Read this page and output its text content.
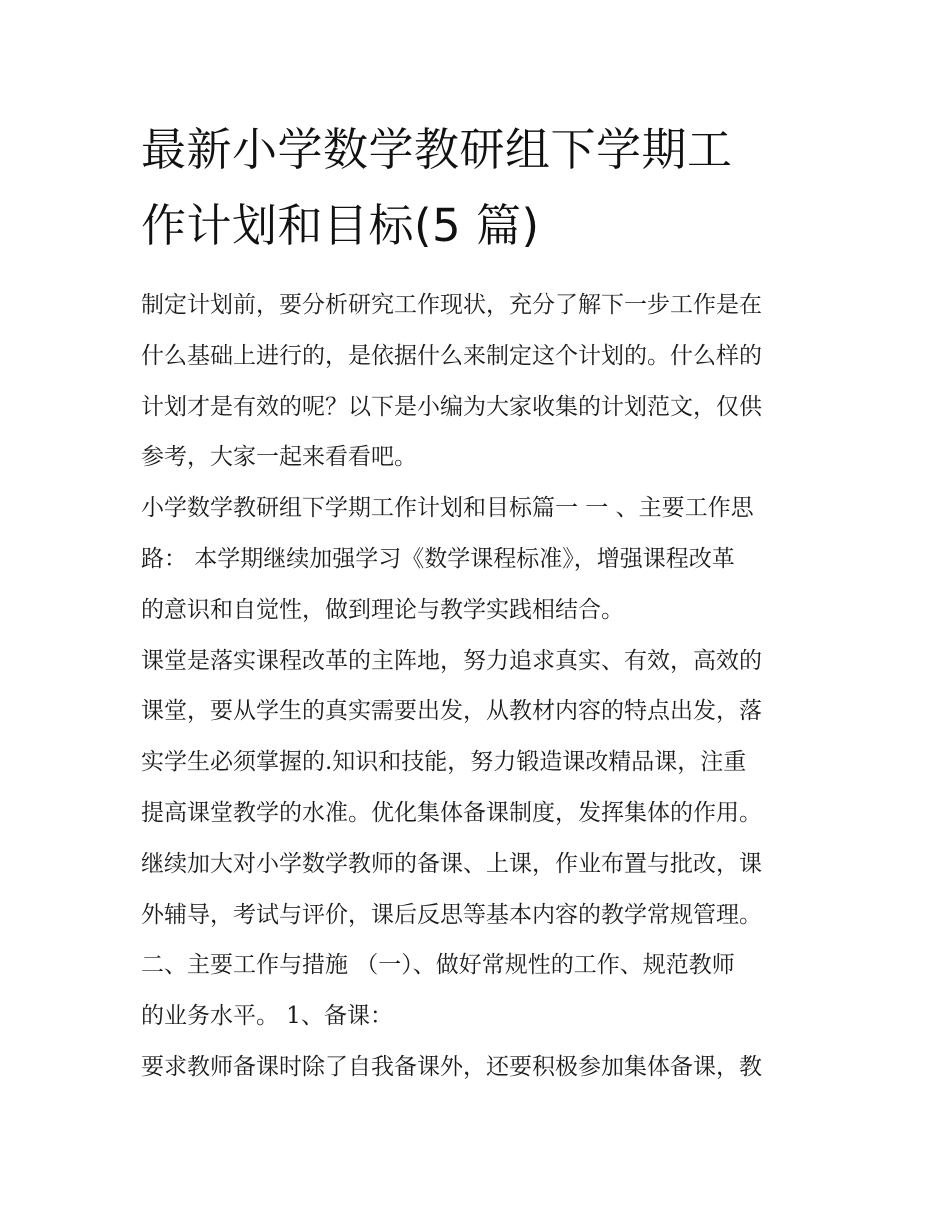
最新小学数学教研组下学期工
作计划和目标(5 篇)
制定计划前，要分析研究工作现状，充分了解下一步工作是在
什么基础上进行的，是依据什么来制定这个计划的。什么样的
计划才是有效的呢？以下是小编为大家收集的计划范文，仅供
参考，大家一起来看看吧。
小学数学教研组下学期工作计划和目标篇一 一 、主要工作思
路： 本学期继续加强学习《数学课程标准》，增强课程改革
的意识和自觉性，做到理论与教学实践相结合。
课堂是落实课程改革的主阵地，努力追求真实、有效，高效的
课堂，要从学生的真实需要出发，从教材内容的特点出发，落
实学生必须掌握的.知识和技能，努力锻造课改精品课，注重
提高课堂教学的水准。优化集体备课制度，发挥集体的作用。
继续加大对小学数学教师的备课、上课，作业布置与批改，课
外辅导，考试与评价，课后反思等基本内容的教学常规管理。
二、主要工作与措施 （一）、做好常规性的工作、规范教师
的业务水平。 1、备课：
要求教师备课时除了自我备课外，还要积极参加集体备课，教
